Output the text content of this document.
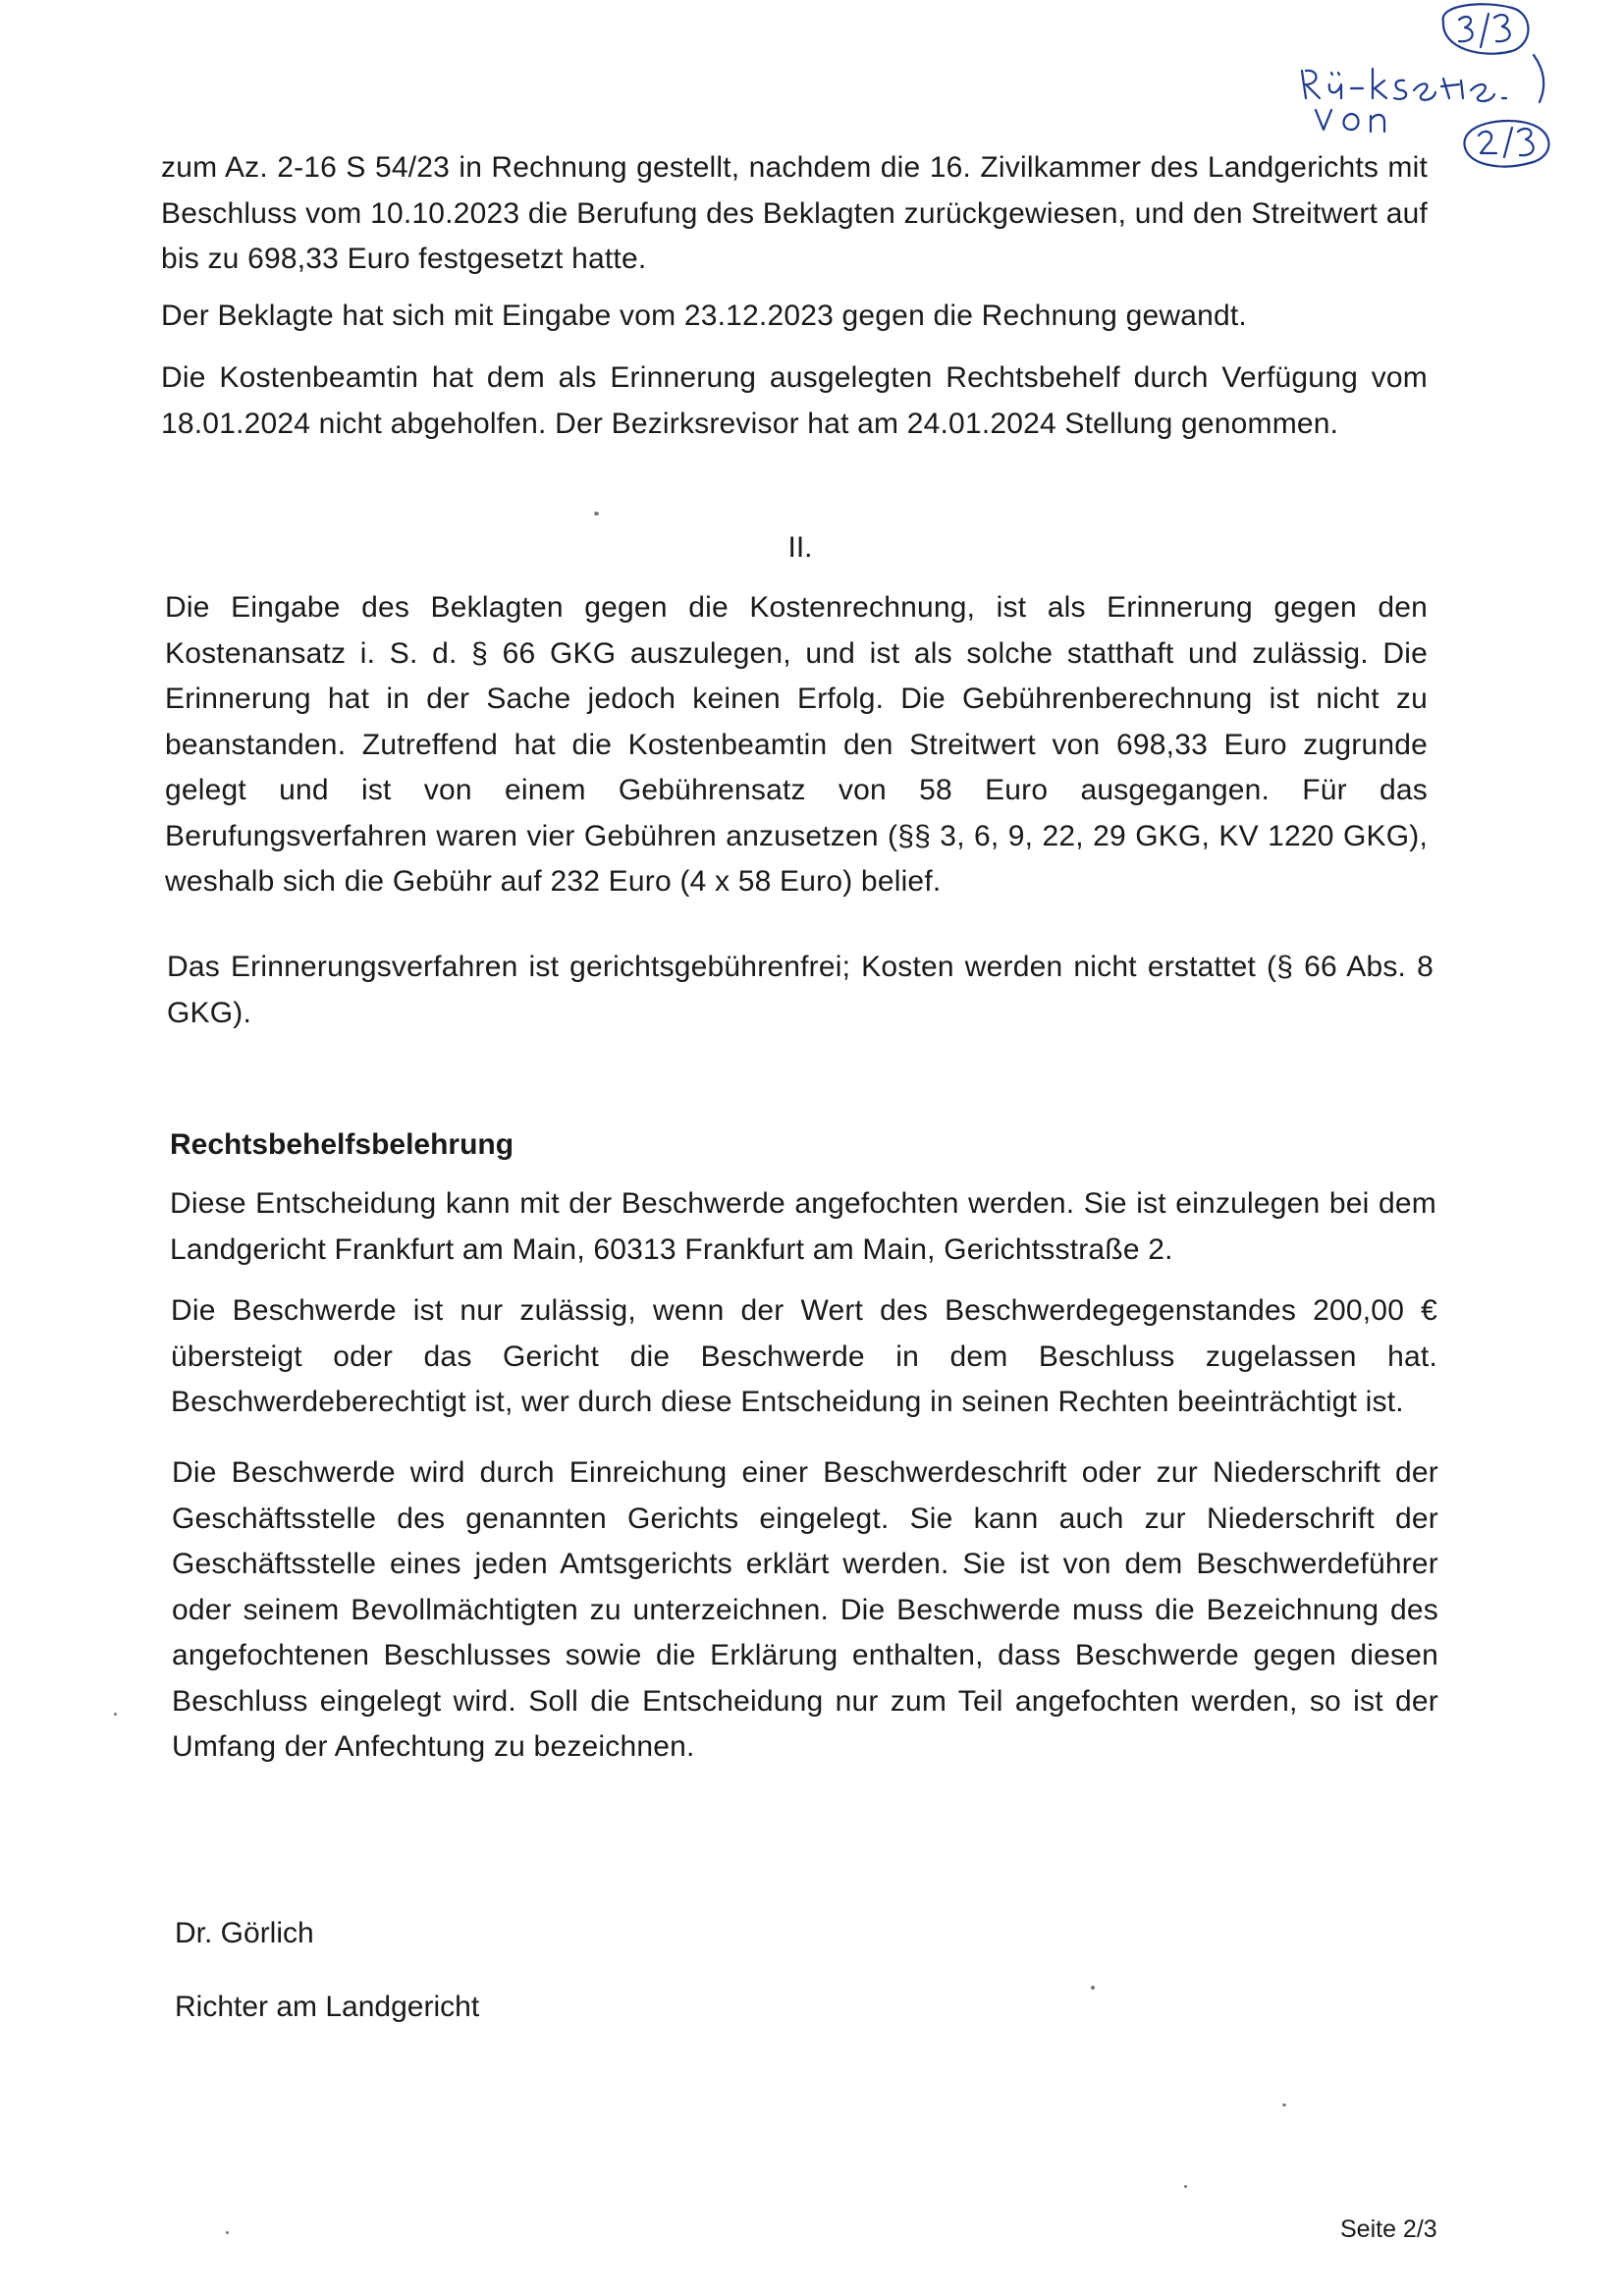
zum Az. 2-16 S 54/23 in Rechnung gestellt, nachdem die 16. Zivilkammer des Landgerichts mit Beschluss vom 10.10.2023 die Berufung des Beklagten zurückgewiesen, und den Streitwert auf bis zu 698,33 Euro festgesetzt hatte.

Der Beklagte hat sich mit Eingabe vom 23.12.2023 gegen die Rechnung gewandt.

Die Kostenbeamtin hat dem als Erinnerung ausgelegten Rechtsbehelf durch Verfügung vom 18.01.2024 nicht abgeholfen. Der Bezirksrevisor hat am 24.01.2024 Stellung genommen.

II.

Die Eingabe des Beklagten gegen die Kostenrechnung, ist als Erinnerung gegen den Kostenansatz i. S. d. § 66 GKG auszulegen, und ist als solche statthaft und zulässig. Die Erinnerung hat in der Sache jedoch keinen Erfolg. Die Gebührenberechnung ist nicht zu beanstanden. Zutreffend hat die Kostenbeamtin den Streitwert von 698,33 Euro zugrunde gelegt und ist von einem Gebührensatz von 58 Euro ausgegangen. Für das Berufungsverfahren waren vier Gebühren anzusetzen (§§ 3, 6, 9, 22, 29 GKG, KV 1220 GKG), weshalb sich die Gebühr auf 232 Euro (4 x 58 Euro) belief.

Das Erinnerungsverfahren ist gerichtsgebührenfrei; Kosten werden nicht erstattet (§ 66 Abs. 8 GKG).

Rechtsbehelfsbelehrung

Diese Entscheidung kann mit der Beschwerde angefochten werden. Sie ist einzulegen bei dem Landgericht Frankfurt am Main, 60313 Frankfurt am Main, Gerichtsstraße 2.

Die Beschwerde ist nur zulässig, wenn der Wert des Beschwerdegegenstandes 200,00 € übersteigt oder das Gericht die Beschwerde in dem Beschluss zugelassen hat. Beschwerdeberechtigt ist, wer durch diese Entscheidung in seinen Rechten beeinträchtigt ist.

Die Beschwerde wird durch Einreichung einer Beschwerdeschrift oder zur Niederschrift der Geschäftsstelle des genannten Gerichts eingelegt. Sie kann auch zur Niederschrift der Geschäftsstelle eines jeden Amtsgerichts erklärt werden. Sie ist von dem Beschwerdeführer oder seinem Bevollmächtigten zu unterzeichnen. Die Beschwerde muss die Bezeichnung des angefochtenen Beschlusses sowie die Erklärung enthalten, dass Beschwerde gegen diesen Beschluss eingelegt wird. Soll die Entscheidung nur zum Teil angefochten werden, so ist der Umfang der Anfechtung zu bezeichnen.

Dr. Görlich
Richter am Landgericht
Seite 2/3
